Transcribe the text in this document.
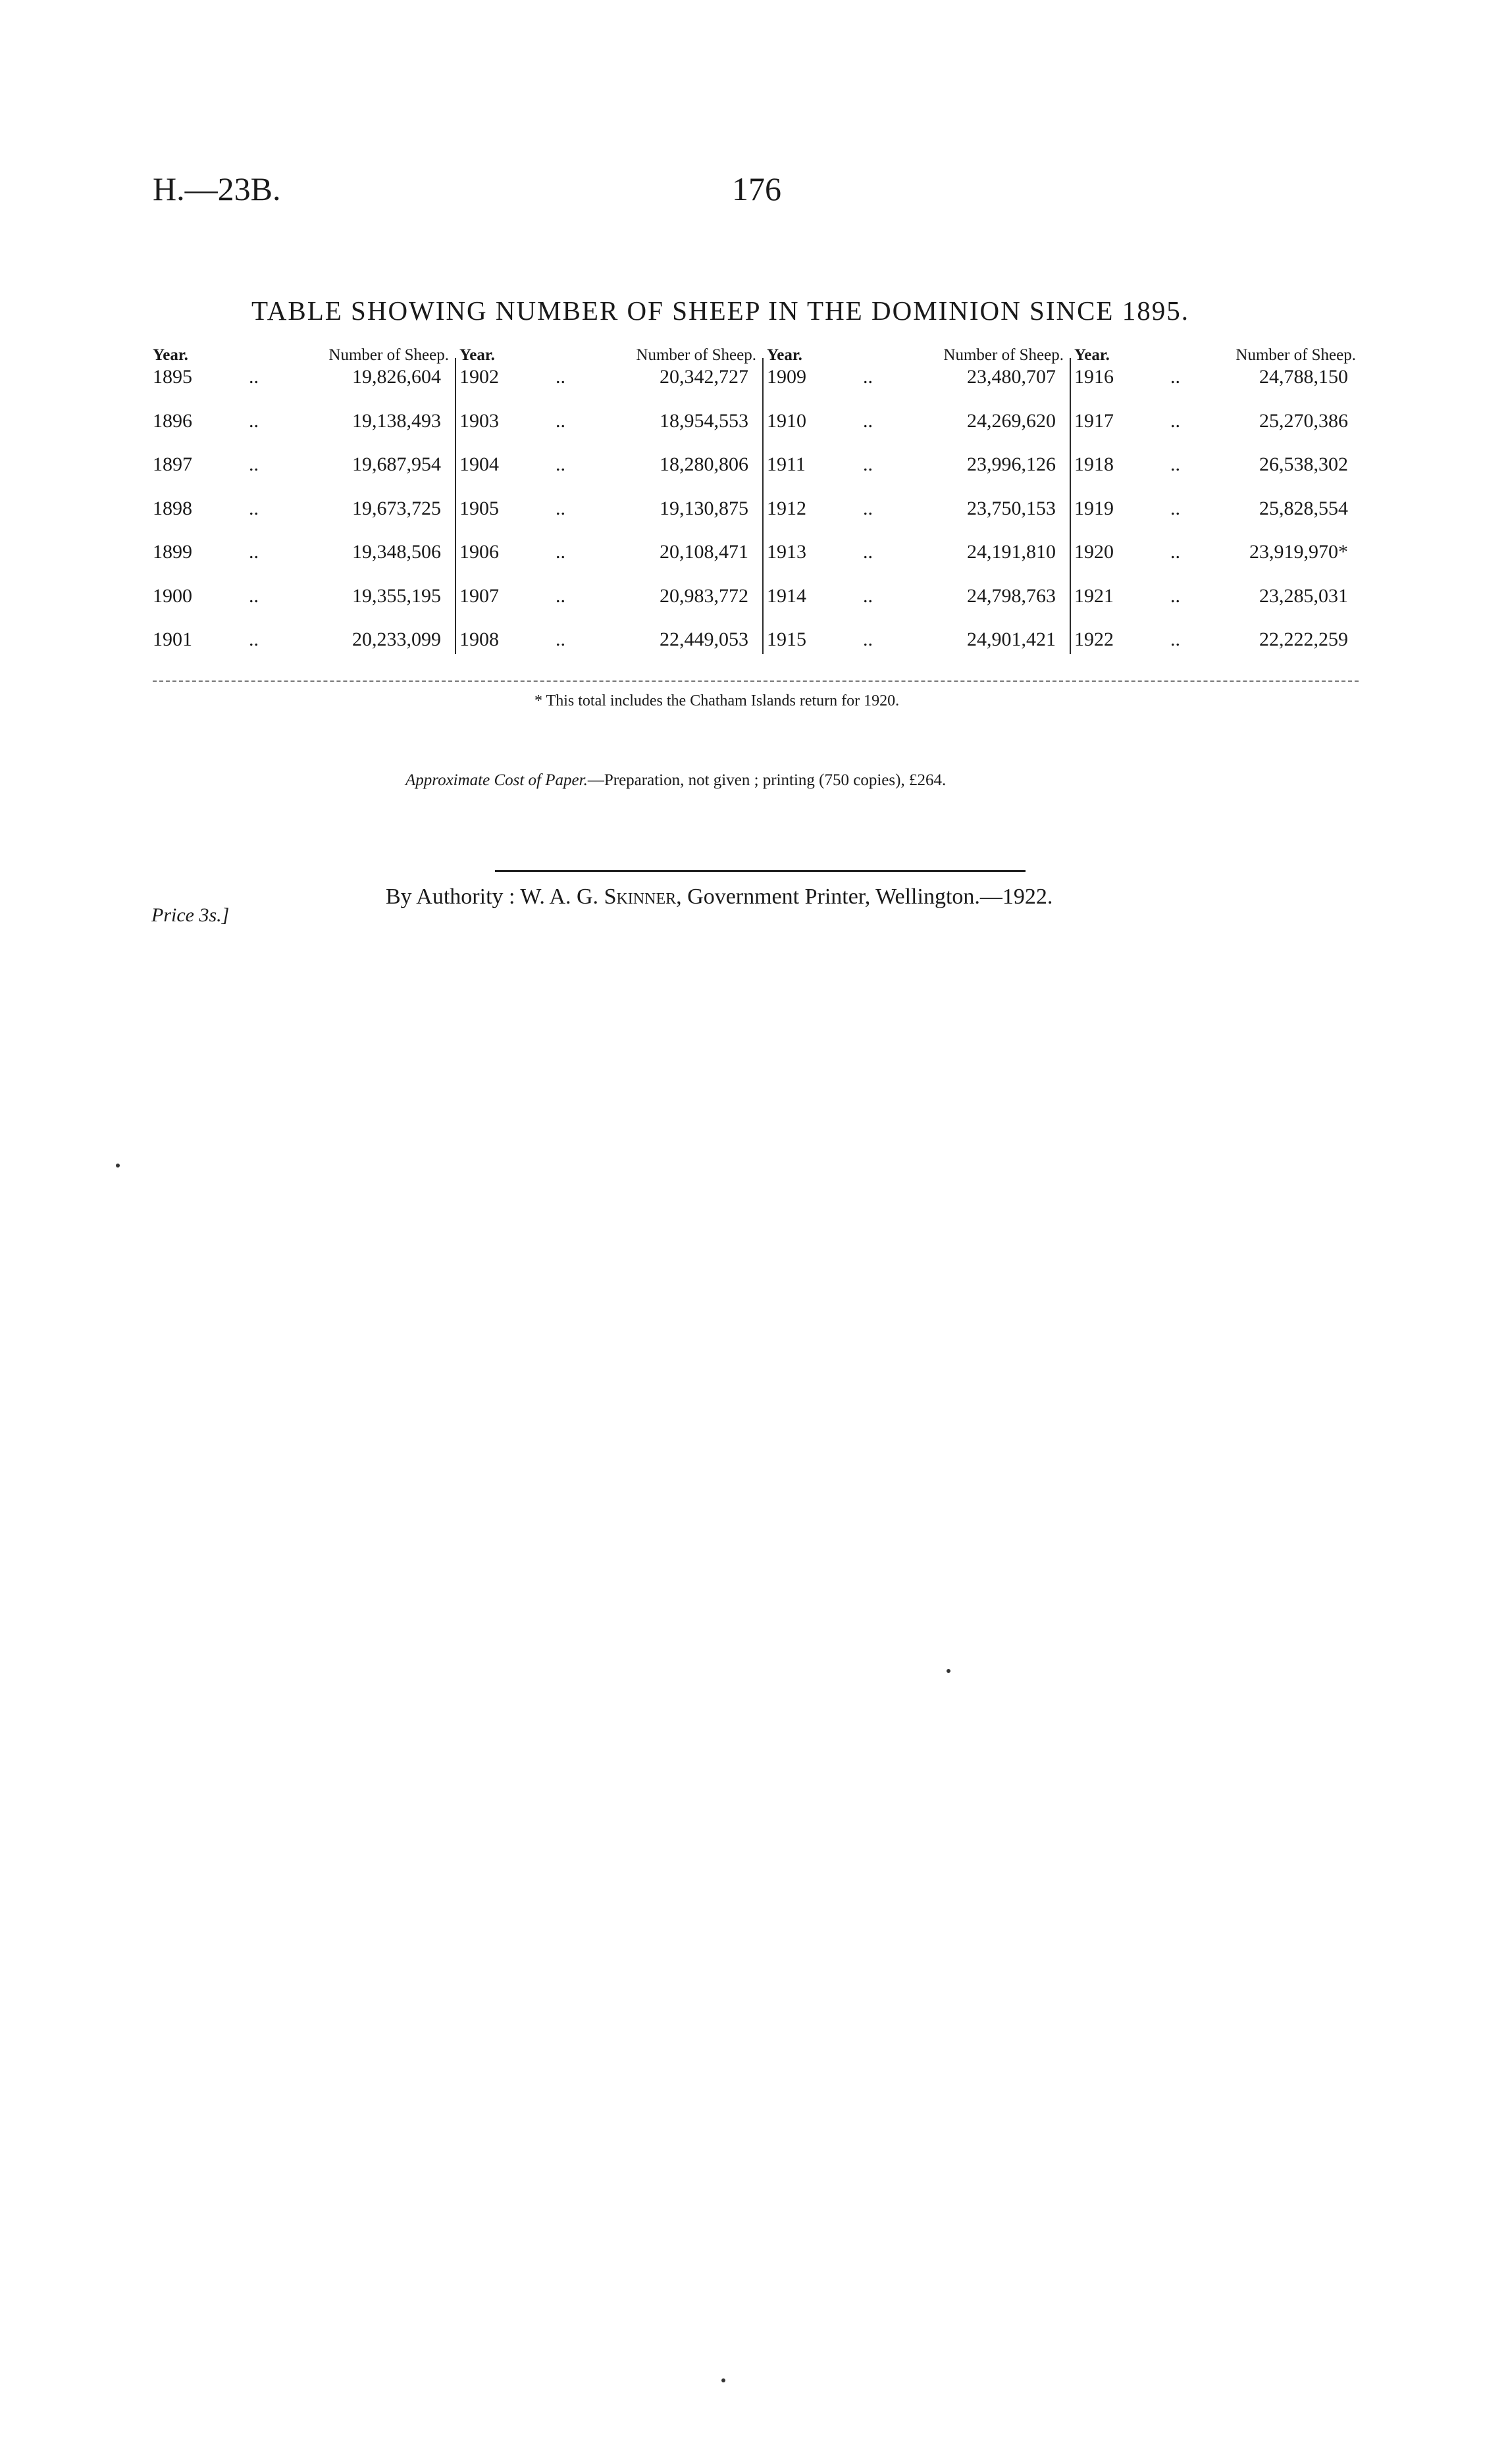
H.—23B.	176
TABLE SHOWING NUMBER OF SHEEP IN THE DOMINION SINCE 1895.
Year.	Number of Sheep.
1895	..	19,826,604
1896	..	19,138,493
1897	..	19,687,954
1898	..	19,673,725
1899	..	19,348,506
1900	..	19,355,195
1901	..	20,233,099
Year.	Number of Sheep.
1902	..	20,342,727
1903	..	18,954,553
1904	..	18,280,806
1905	..	19,130,875
1906	..	20,108,471
1907	..	20,983,772
1908	..	22,449,053
Year.	Number of Sheep.
1909	..	23,480,707
1910	..	24,269,620
1911	..	23,996,126
1912	..	23,750,153
1913	..	24,191,810
1914	..	24,798,763
1915	..	24,901,421
Year.	Number of Sheep.
1916	..	24,788,150
1917	..	25,270,386
1918	..	26,538,302
1919	..	25,828,554
1920	..	23,919,970*
1921	..	23,285,031
1922	..	22,222,259
* This total includes the Chatham Islands return for 1920.
Approximate Cost of Paper.—Preparation, not given ; printing (750 copies), £264.
By Authority : W. A. G. Skinner, Government Printer, Wellington.—1922.
Price 3s.]
